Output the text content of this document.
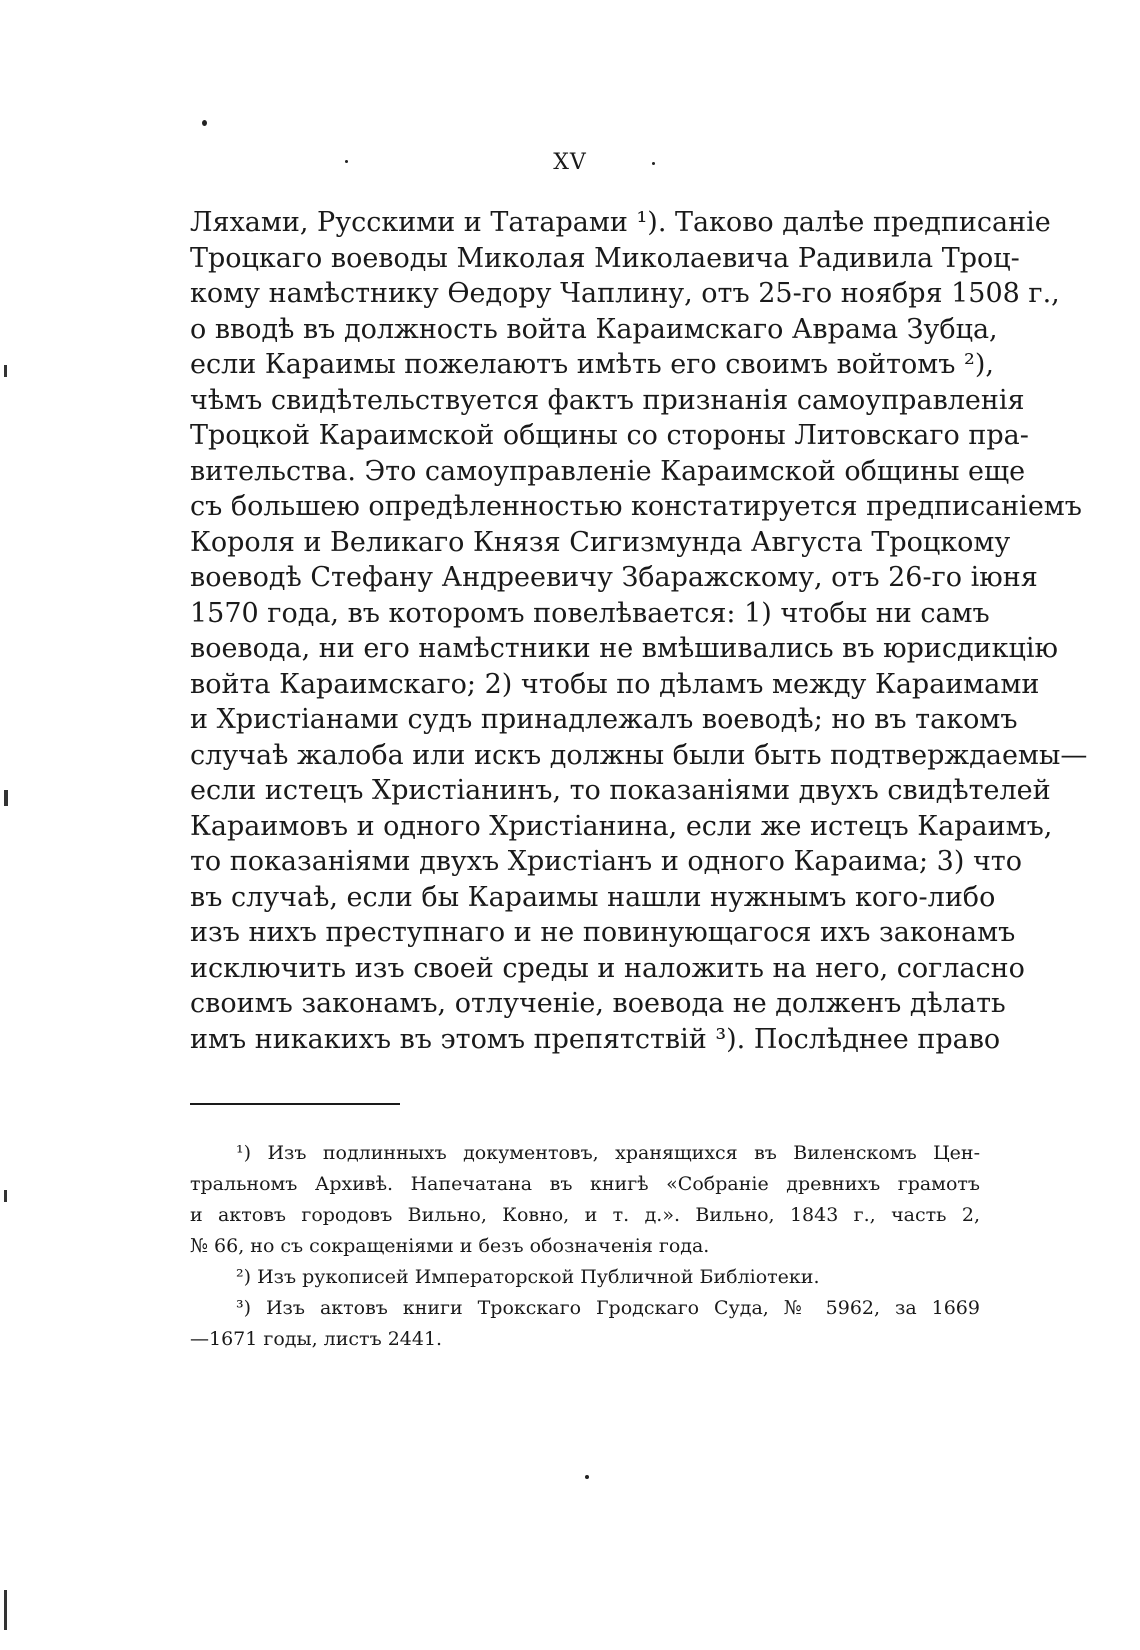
XV
Ляхами, Русскими и Татарами ¹). Таково далѣе предписаніе
Троцкаго воеводы Миколая Миколаевича Радивила Троц-
кому намѣстнику Ѳедору Чаплину, отъ 25-го ноября 1508 г.,
о вводѣ въ должность войта Караимскаго Аврама Зубца,
если Караимы пожелаютъ имѣть его своимъ войтомъ ²),
чѣмъ свидѣтельствуется фактъ признанія самоуправленія
Троцкой Караимской общины со стороны Литовскаго пра-
вительства. Это самоуправленіе Караимской общины еще
съ большею опредѣленностью констатируется предписаніемъ
Короля и Великаго Князя Сигизмунда Августа Троцкому
воеводѣ Стефану Андреевичу Збаражскому, отъ 26-го іюня
1570 года, въ которомъ повелѣвается: 1) чтобы ни самъ
воевода, ни его намѣстники не вмѣшивались въ юрисдикцію
войта Караимскаго; 2) чтобы по дѣламъ между Караимами
и Христіанами судъ принадлежалъ воеводѣ; но въ такомъ
случаѣ жалоба или искъ должны были быть подтверждаемы—
если истецъ Христіанинъ, то показаніями двухъ свидѣтелей
Караимовъ и одного Христіанина, если же истецъ Караимъ,
то показаніями двухъ Христіанъ и одного Караима; 3) что
въ случаѣ, если бы Караимы нашли нужнымъ кого-либо
изъ нихъ преступнаго и не повинующагося ихъ законамъ
исключить изъ своей среды и наложить на него, согласно
своимъ законамъ, отлученіе, воевода не долженъ дѣлать
имъ никакихъ въ этомъ препятствій ³). Послѣднее право
¹) Изъ подлинныхъ документовъ, хранящихся въ Виленскомъ Цен-
тральномъ Архивѣ. Напечатана въ книгѣ «Собраніе древнихъ грамотъ
и актовъ городовъ Вильно, Ковно, и т. д.». Вильно, 1843 г., часть 2,
№ 66, но съ сокращеніями и безъ обозначенія года.
²) Изъ рукописей Императорской Публичной Библіотеки.
³) Изъ актовъ книги Трокскаго Гродскаго Суда, № 5962, за 1669
—1671 годы, листъ 2441.
